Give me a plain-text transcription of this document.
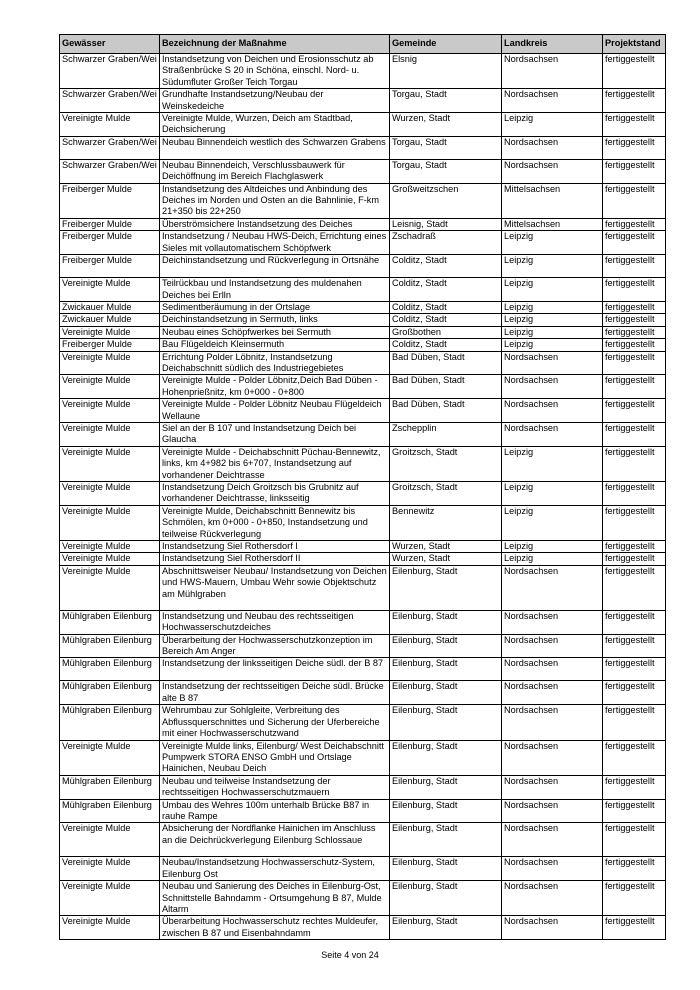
Gewässer	Bezeichnung der Maßnahme	Gemeinde	Landkreis	Projektstand
Schwarzer Graben/Wei	Instandsetzung von Deichen und Erosionsschutz ab Straßenbrücke S 20 in Schöna, einschl. Nord- u. Südumfluter Großer Teich Torgau	Elsnig	Nordsachsen	fertiggestellt
Schwarzer Graben/Wei	Grundhafte Instandsetzung/Neubau der Weinskedeiche	Torgau, Stadt	Nordsachsen	fertiggestellt
Vereinigte Mulde	Vereinigte Mulde, Wurzen, Deich am Stadtbad, Deichsicherung	Wurzen, Stadt	Leipzig	fertiggestellt
Schwarzer Graben/Wei	Neubau Binnendeich westlich des Schwarzen Grabens	Torgau, Stadt	Nordsachsen	fertiggestellt
Schwarzer Graben/Wei	Neubau Binnendeich, Verschlussbauwerk für Deichöffnung im Bereich Flachglaswerk	Torgau, Stadt	Nordsachsen	fertiggestellt
Freiberger Mulde	Instandsetzung des Altdeiches und Anbindung des Deiches im Norden und Osten an die Bahnlinie, F-km 21+350 bis 22+250	Großweitzschen	Mittelsachsen	fertiggestellt
Freiberger Mulde	Überströmsichere Instandsetzung des Deiches	Leisnig, Stadt	Mittelsachsen	fertiggestellt
Freiberger Mulde	Instandsetzung / Neubau HWS-Deich, Errichtung eines Sieles mit vollautomatischem Schöpfwerk	Zschadraß	Leipzig	fertiggestellt
Freiberger Mulde	Deichinstandsetzung und Rückverlegung in Ortsnähe	Colditz, Stadt	Leipzig	fertiggestellt
Vereinigte Mulde	Teilrückbau und Instandsetzung des muldenahen Deiches bei Erlln	Colditz, Stadt	Leipzig	fertiggestellt
Zwickauer Mulde	Sedimentberäumung in der Ortslage	Colditz, Stadt	Leipzig	fertiggestellt
Zwickauer Mulde	Deichinstandsetzung in Sermuth, links	Colditz, Stadt	Leipzig	fertiggestellt
Vereinigte Mulde	Neubau eines Schöpfwerkes bei Sermuth	Großbothen	Leipzig	fertiggestellt
Freiberger Mulde	Bau Flügeldeich Kleinsermuth	Colditz, Stadt	Leipzig	fertiggestellt
Vereinigte Mulde	Errichtung Polder Löbnitz, Instandsetzung Deichabschnitt südlich des Industriegebietes	Bad Düben, Stadt	Nordsachsen	fertiggestellt
Vereinigte Mulde	Vereinigte Mulde - Polder Löbnitz,Deich Bad Düben - Hohenprießnitz, km 0+000 - 0+800	Bad Düben, Stadt	Nordsachsen	fertiggestellt
Vereinigte Mulde	Vereinigte Mulde - Polder Löbnitz Neubau Flügeldeich Wellaune	Bad Düben, Stadt	Nordsachsen	fertiggestellt
Vereinigte Mulde	Siel an der B 107 und Instandsetzung Deich bei Glaucha	Zschepplin	Nordsachsen	fertiggestellt
Vereinigte Mulde	Vereinigte Mulde - Deichabschnitt Püchau-Bennewitz, links, km 4+982 bis 6+707, Instandsetzung auf vorhandener Deichtrasse	Groitzsch, Stadt	Leipzig	fertiggestellt
Vereinigte Mulde	Instandsetzung Deich Groitzsch bis Grubnitz auf vorhandener Deichtrasse, linksseitig	Groitzsch, Stadt	Leipzig	fertiggestellt
Vereinigte Mulde	Vereinigte Mulde, Deichabschnitt Bennewitz bis Schmölen, km 0+000 - 0+850, Instandsetzung und teilweise Rückverlegung	Bennewitz	Leipzig	fertiggestellt
Vereinigte Mulde	Instandsetzung Siel Rothersdorf I	Wurzen, Stadt	Leipzig	fertiggestellt
Vereinigte Mulde	Instandsetzung Siel Rothersdorf II	Wurzen, Stadt	Leipzig	fertiggestellt
Vereinigte Mulde	Abschnittsweiser Neubau/ Instandsetzung von Deichen und HWS-Mauern, Umbau Wehr sowie Objektschutz am Mühlgraben	Eilenburg, Stadt	Nordsachsen	fertiggestellt
Mühlgraben Eilenburg	Instandsetzung und Neubau des rechtsseitigen Hochwasserschutzdeiches	Eilenburg, Stadt	Nordsachsen	fertiggestellt
Mühlgraben Eilenburg	Überarbeitung der Hochwasserschutzkonzeption im Bereich Am Anger	Eilenburg, Stadt	Nordsachsen	fertiggestellt
Mühlgraben Eilenburg	Instandsetzung der linksseitigen Deiche südl. der B 87	Eilenburg, Stadt	Nordsachsen	fertiggestellt
Mühlgraben Eilenburg	Instandsetzung der rechtsseitigen Deiche südl. Brücke alte B 87	Eilenburg, Stadt	Nordsachsen	fertiggestellt
Mühlgraben Eilenburg	Wehrumbau zur Sohlgleite, Verbreitung des Abflussquerschnittes und Sicherung der Uferbereiche mit einer Hochwasserschutzwand	Eilenburg, Stadt	Nordsachsen	fertiggestellt
Vereinigte Mulde	Vereinigte Mulde links, Eilenburg/ West Deichabschnitt Pumpwerk STORA ENSO GmbH und Ortslage Hainichen, Neubau Deich	Eilenburg, Stadt	Nordsachsen	fertiggestellt
Mühlgraben Eilenburg	Neubau und teilweise Instandsetzung der rechtsseitigen Hochwasserschutzmauern	Eilenburg, Stadt	Nordsachsen	fertiggestellt
Mühlgraben Eilenburg	Umbau des Wehres 100m unterhalb Brücke B87 in rauhe Rampe	Eilenburg, Stadt	Nordsachsen	fertiggestellt
Vereinigte Mulde	Absicherung der Nordflanke Hainichen im Anschluss an die Deichrückverlegung Eilenburg Schlossaue	Eilenburg, Stadt	Nordsachsen	fertiggestellt
Vereinigte Mulde	Neubau/Instandsetzung Hochwasserschutz-System, Eilenburg Ost	Eilenburg, Stadt	Nordsachsen	fertiggestellt
Vereinigte Mulde	Neubau und Sanierung des Deiches in Eilenburg-Ost, Schnittstelle Bahndamm - Ortsumgehung B 87, Mulde Altarm	Eilenburg, Stadt	Nordsachsen	fertiggestellt
Vereinigte Mulde	Überarbeitung Hochwasserschutz rechtes Muldeufer, zwischen B 87 und Eisenbahndamm	Eilenburg, Stadt	Nordsachsen	fertiggestellt
Seite 4 von 24
